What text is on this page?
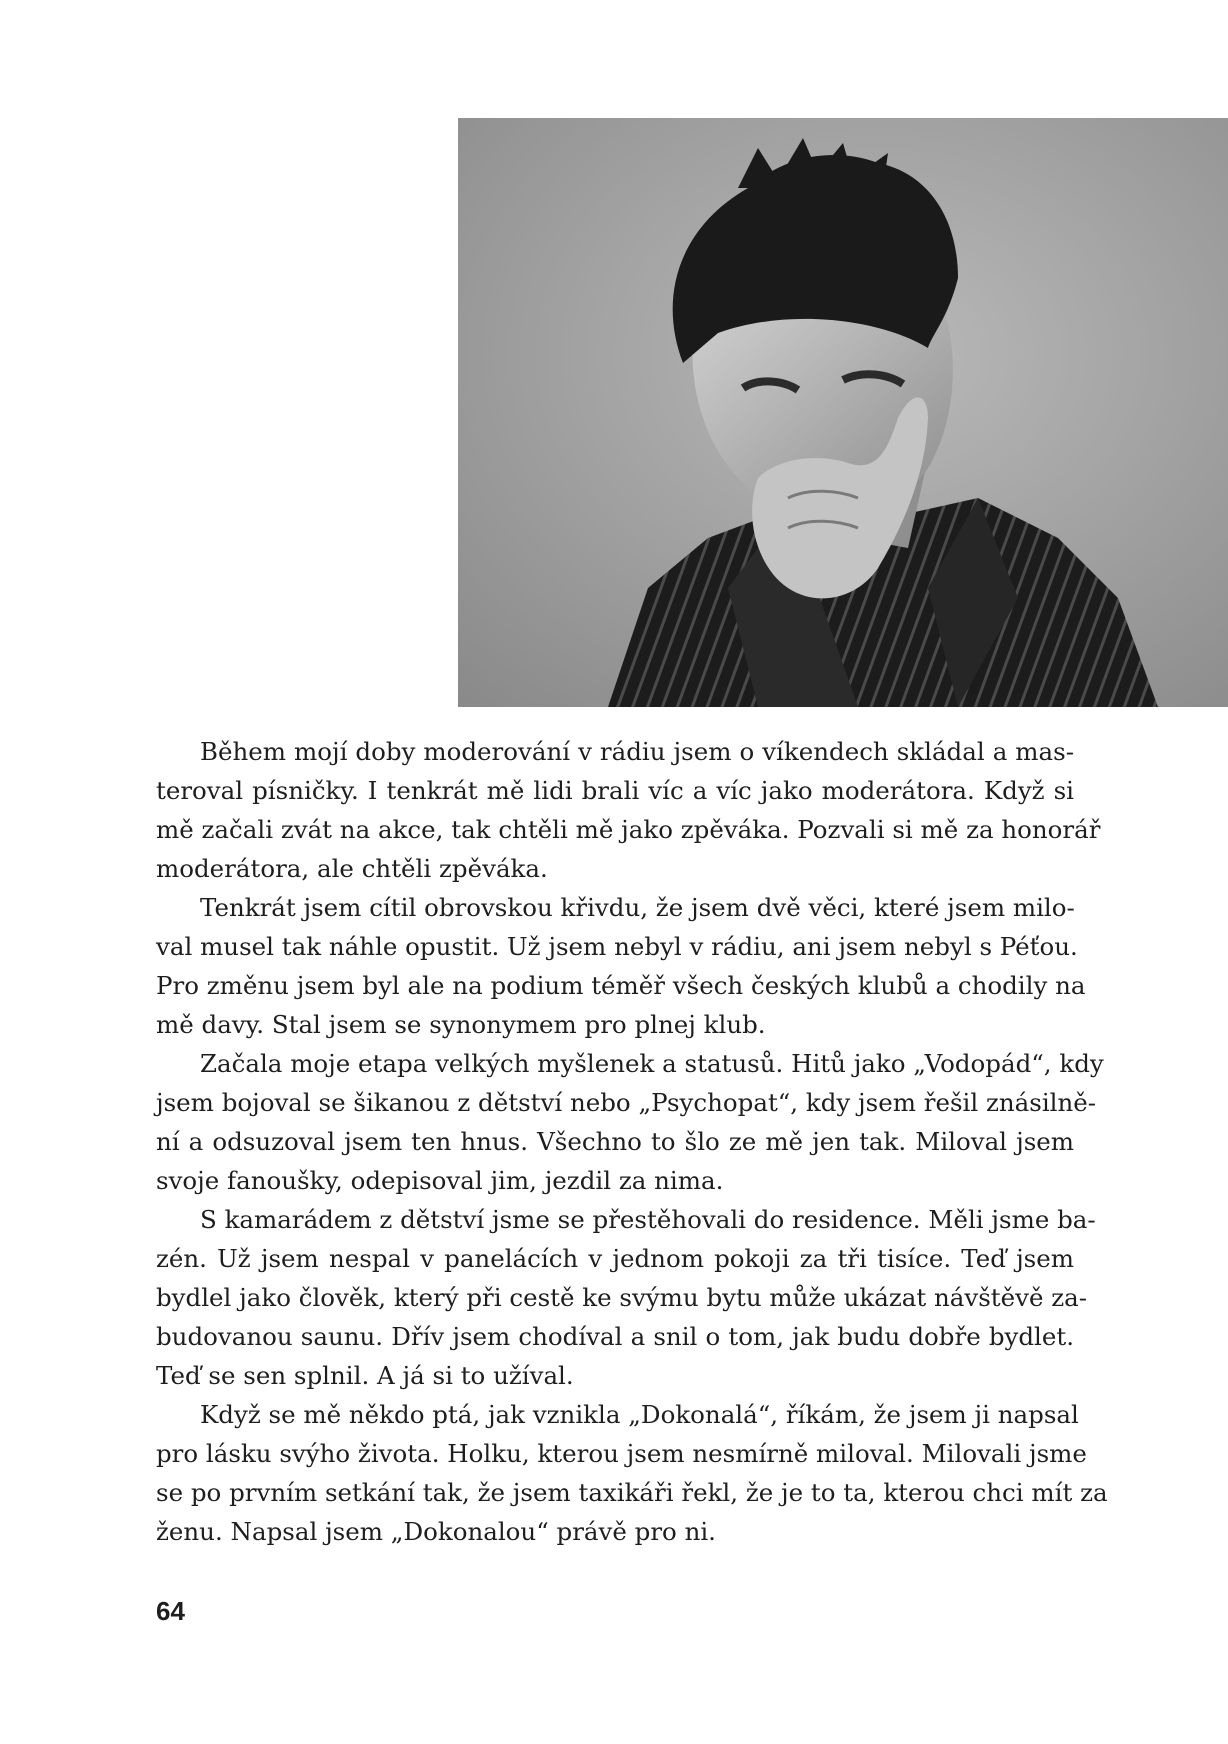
Během mojí doby moderování v rádiu jsem o víkendech skládal a mas-
teroval písničky. I tenkrát mě lidi brali víc a víc jako moderátora. Když si
mě začali zvát na akce, tak chtěli mě jako zpěváka. Pozvali si mě za honorář
moderátora, ale chtěli zpěváka.
Tenkrát jsem cítil obrovskou křivdu, že jsem dvě věci, které jsem milo-
val musel tak náhle opustit. Už jsem nebyl v rádiu, ani jsem nebyl s Péťou.
Pro změnu jsem byl ale na podium téměř všech českých klubů a chodily na
mě davy. Stal jsem se synonymem pro plnej klub.
Začala moje etapa velkých myšlenek a statusů. Hitů jako „Vodopád“, kdy
jsem bojoval se šikanou z dětství nebo „Psychopat“, kdy jsem řešil znásilně-
ní a odsuzoval jsem ten hnus. Všechno to šlo ze mě jen tak. Miloval jsem
svoje fanoušky, odepisoval jim, jezdil za nima.
S kamarádem z dětství jsme se přestěhovali do residence. Měli jsme ba-
zén. Už jsem nespal v panelácích v jednom pokoji za tři tisíce. Teď jsem
bydlel jako člověk, který při cestě ke svýmu bytu může ukázat návštěvě za-
budovanou saunu. Dřív jsem chodíval a snil o tom, jak budu dobře bydlet.
Teď se sen splnil. A já si to užíval.
Když se mě někdo ptá, jak vznikla „Dokonalá“, říkám, že jsem ji napsal
pro lásku svýho života. Holku, kterou jsem nesmírně miloval. Milovali jsme
se po prvním setkání tak, že jsem taxikáři řekl, že je to ta, kterou chci mít za
ženu. Napsal jsem „Dokonalou“ právě pro ni.
64
